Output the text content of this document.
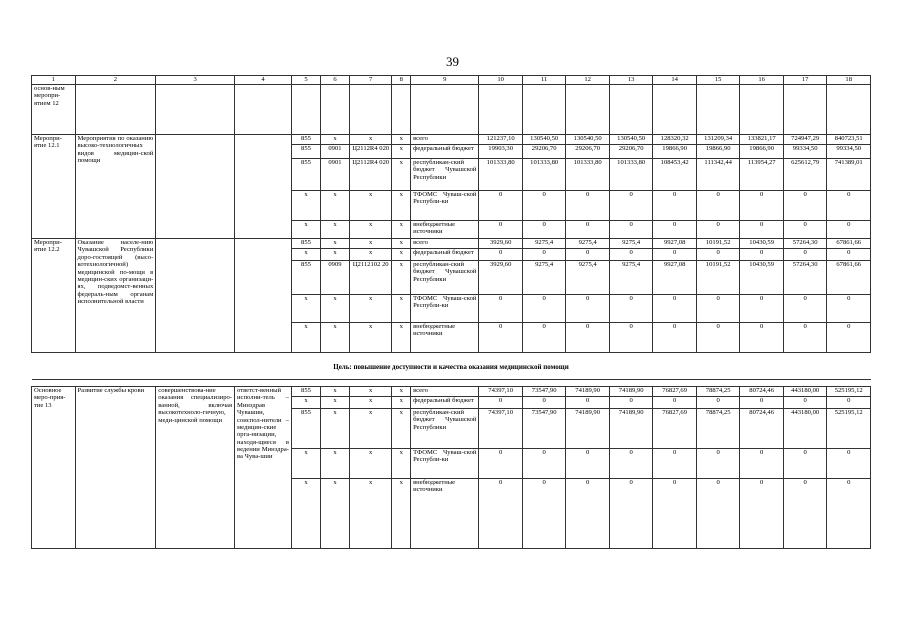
39
1	2	3	4	5	6	7	8	9	10	11	12	13	14	15	16	17	18
основ-ным меропри-ятием 12																	
Меропри-ятие 12.1	Мероприятия по оказанию высоко-технологичных видов медицин-ской помощи			855	х	х	х	всего	121237,10	130540,50	130540,50	130540,50	128320,32	131209,34	133821,17	724947,29	840723,51
				855	0901	Ц2112R4 020	х	федеральный бюджет	19903,30	29206,70	29206,70	29206,70	19866,90	19866,90	19866,90	99334,50	99334,50
				855	0901	Ц2112R4 020	х	республикан-ский бюджет Чувашской Республики	101333,80	101333,80	101333,80	101333,80	108453,42	111342,44	113954,27	625612,79	741389,01
				х	х	х	х	ТФОМС Чуваш-ской Республи-ки	0	0	0	0	0	0	0	0	0
				х	х	х	х	внебюджетные источники	0	0	0	0	0	0	0	0	0
Меропри-ятие 12.2	Оказание населе-нию Чувашской Республики доро-гостоящей (высо-котехнологичной) медицинской по-мощи в медицин-ских организаци-ях, подведомст-венных федераль-ным органам исполнительной власти			855	х	х	х	всего	3929,60	9275,4	9275,4	9275,4	9927,08	10191,52	10430,59	57264,30	67861,66
				х	х	х	х	федеральный бюджет	0	0	0	0	0	0	0	0	0
				855	0909	Ц2112102 20	х	республикан-ский бюджет Чувашской Республики	3929,60	9275,4	9275,4	9275,4	9927,08	10191,52	10430,59	57264,30	67861,66
				х	х	х	х	ТФОМС Чуваш-ской Республи-ки	0	0	0	0	0	0	0	0	0
				х	х	х	х	внебюджетные источники	0	0	0	0	0	0	0	0	0
Цель: повышение доступности и качества оказания медицинской помощи																	

Основное меро-прия-тие 13	Развитие службы крови	совершенствова-ние оказания специализиро-ванной, включая высокотехноло-гичную, меди-цинской помощи	ответст-венный исполни-тель – Минздрав Чувашии, соиспол-нители – медицин-ские орга-низации, находя-щиеся в ведении Минздра-ва Чува-шии	855	х	х	х	всего	74397,10	73547,90	74189,90	74189,90	76827,69	78874,25	80724,46	443180,00	525195,12
				х	х	х	х	федеральный бюджет	0	0	0	0	0	0	0	0	0
				855	х	х	х	республикан-ский бюджет Чувашской Республики	74397,10	73547,90	74189,90	74189,90	76827,69	78874,25	80724,46	443180,00	525195,12
				х	х	х	х	ТФОМС Чуваш-ской Республи-ки	0	0	0	0	0	0	0	0	0
				х	х	х	х	внебюджетные источники	0	0	0	0	0	0	0	0	0
